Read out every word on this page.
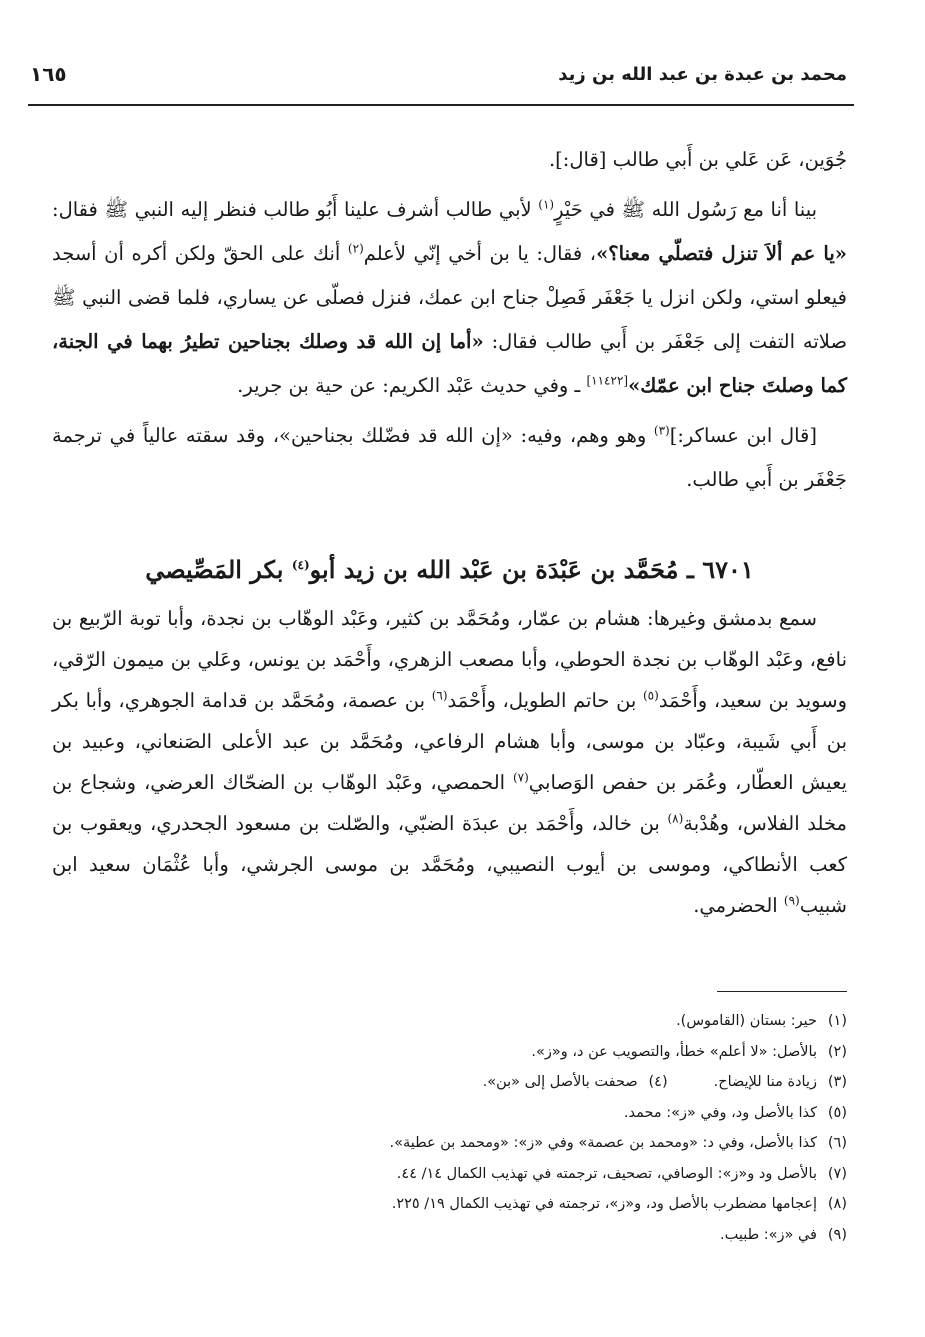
محمد بن عبدة بن عبد الله بن زيد
١٦٥

جُوَين، عَن عَلي بن أَبي طالب [قال:].

بينا أنا مع رَسُول الله ﷺ في حَيْرٍ$^{(١)}$ لأبي طالب أشرف علينا أَبُو طالب فنظر إليه النبي ﷺ فقال: «يا عم ألاَ تنزل فتصلّي معنا؟»، فقال: يا بن أخي إنّي لأعلم$^{(٢)}$ أنك على الحقّ ولكن أكره أن أسجد فيعلو استي، ولكن انزل يا جَعْفَر فَصِلْ جناح ابن عمك، فنزل فصلّى عن يساري، فلما قضى النبي ﷺ صلاته التفت إلى جَعْفَر بن أَبي طالب فقال: «أما إن الله قد وصلك بجناحين تطيرُ بهما في الجنة، كما وصلتَ جناح ابن عمّك»[١١٤٢٢] ـ وفي حديث عَبْد الكريم: عن حية بن جرير.

[قال ابن عساكر:]$^{(٣)}$ وهو وهم، وفيه: «إن الله قد فضّلك بجناحين»، وقد سقته عالياً في ترجمة جَعْفَر بن أَبي طالب.

٦٧٠١ ـ مُحَمَّد بن عَبْدَة بن عَبْد الله بن زيد أبو$^{(٤)}$ بكر المَصِّيصي

سمع بدمشق وغيرها: هشام بن عمّار، ومُحَمَّد بن كثير، وعَبْد الوهّاب بن نجدة، وأبا توبة الرّبيع بن نافع، وعَبْد الوهّاب بن نجدة الحوطي، وأبا مصعب الزهري، وأَحْمَد بن يونس، وعَلي بن ميمون الرّقي، وسويد بن سعيد، وأَحْمَد$^{(٥)}$ بن حاتم الطويل، وأَحْمَد$^{(٦)}$ بن عصمة، ومُحَمَّد بن قدامة الجوهري، وأبا بكر بن أَبي شَيبة، وعبّاد بن موسى، وأبا هشام الرفاعي، ومُحَمَّد بن عبد الأعلى الصَنعاني، وعبيد بن يعيش العطّار، وعُمَر بن حفص الوَصابي$^{(٧)}$ الحمصي، وعَبْد الوهّاب بن الضحّاك العرضي، وشجاع بن مخلد الفلاس، وهُدْبة$^{(٨)}$ بن خالد، وأَحْمَد بن عبدَة الضبّي، والصّلت بن مسعود الجحدري، ويعقوب بن كعب الأنطاكي، وموسى بن أيوب النصيبي، ومُحَمَّد بن موسى الجرشي، وأبا عُثْمَان سعيد ابن شبيب$^{(٩)}$ الحضرمي.

(١)حير: بستان (القاموس).
(٢)بالأصل: «لا أعلم» خطأ، والتصويب عن د، و«ز».
(٣)زيادة منا للإيضاح.(٤)صحفت بالأصل إلى «بن».
(٥)كذا بالأصل ود، وفي «ز»: محمد.
(٦)كذا بالأصل، وفي د: «ومحمد بن عصمة» وفي «ز»: «ومحمد بن عطية».
(٧)بالأصل ود و«ز»: الوصافي، تصحيف، ترجمته في تهذيب الكمال ١٤/ ٤٤.
(٨)إعجامها مضطرب بالأصل ود، و«ز»، ترجمته في تهذيب الكمال ١٩/ ٢٢٥.
(٩)في «ز»: طبيب.
